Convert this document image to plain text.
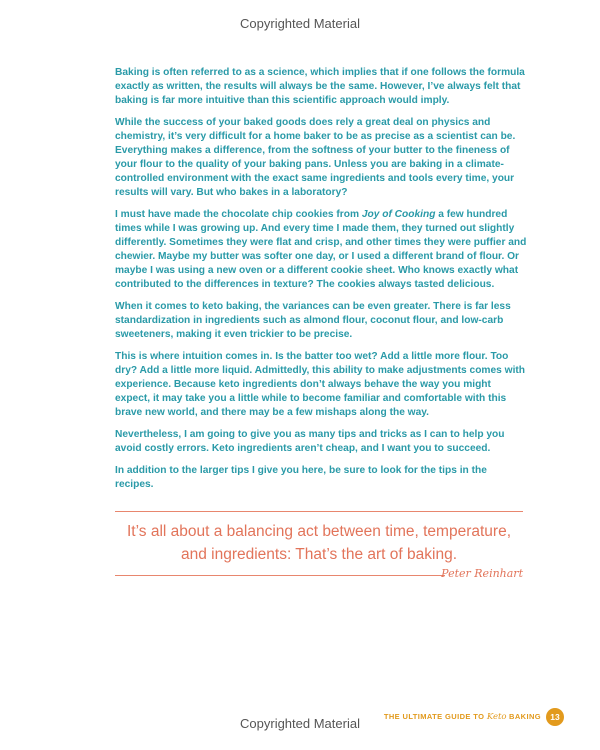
Copyrighted Material

Baking is often referred to as a science, which implies that if one follows the formula exactly as written, the results will always be the same. However, I’ve always felt that baking is far more intuitive than this scientific approach would imply.

While the success of your baked goods does rely a great deal on physics and chemistry, it’s very difficult for a home baker to be as precise as a scientist can be. Everything makes a difference, from the softness of your butter to the fineness of your flour to the quality of your baking pans. Unless you are baking in a climate-controlled environment with the exact same ingredients and tools every time, your results will vary. But who bakes in a laboratory?

I must have made the chocolate chip cookies from Joy of Cooking a few hundred times while I was growing up. And every time I made them, they turned out slightly differently. Sometimes they were flat and crisp, and other times they were puffier and chewier. Maybe my butter was softer one day, or I used a different brand of flour. Or maybe I was using a new oven or a different cookie sheet. Who knows exactly what contributed to the differences in texture? The cookies always tasted delicious.

When it comes to keto baking, the variances can be even greater. There is far less standardization in ingredients such as almond flour, coconut flour, and low-carb sweeteners, making it even trickier to be precise.

This is where intuition comes in. Is the batter too wet? Add a little more flour. Too dry? Add a little more liquid. Admittedly, this ability to make adjustments comes with experience. Because keto ingredients don’t always behave the way you might expect, it may take you a little while to become familiar and comfortable with this brave new world, and there may be a few mishaps along the way.

Nevertheless, I am going to give you as many tips and tricks as I can to help you avoid costly errors. Keto ingredients aren’t cheap, and I want you to succeed.

In addition to the larger tips I give you here, be sure to look for the tips in the recipes.

It’s all about a balancing act between time, temperature,
and ingredients: That’s the art of baking.
Peter Reinhart
THE ULTIMATE GUIDE TO Keto BAKING	13
Copyrighted Material
